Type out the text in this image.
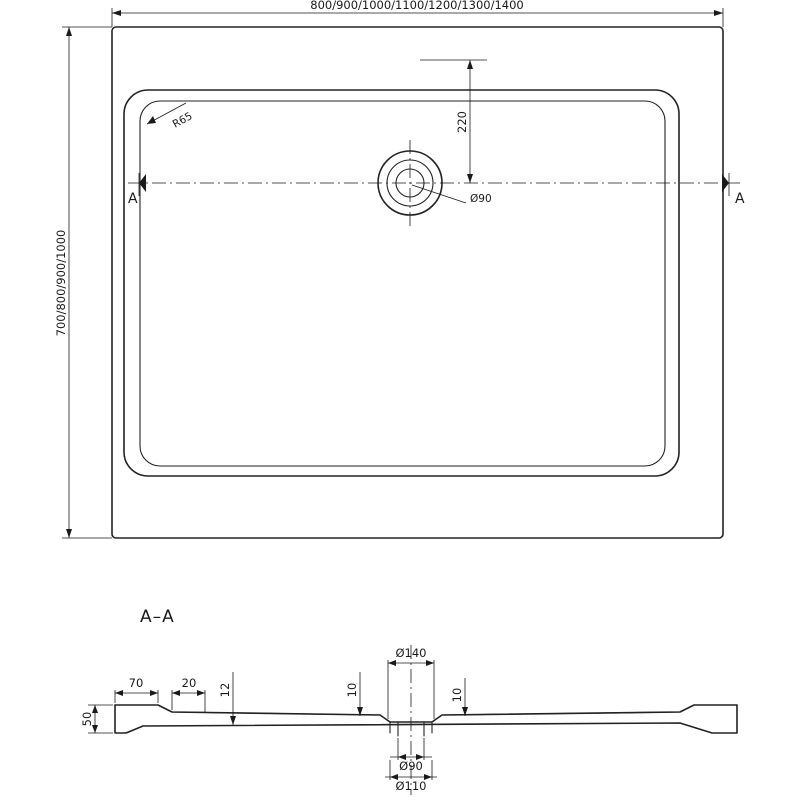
R65
Ø90
A	A
800/900/1000/1100/1200/1300/1400
700/800/900/1000
220
A–A
Ø140
70	20 12	10	10
50
Ø90
Ø110
